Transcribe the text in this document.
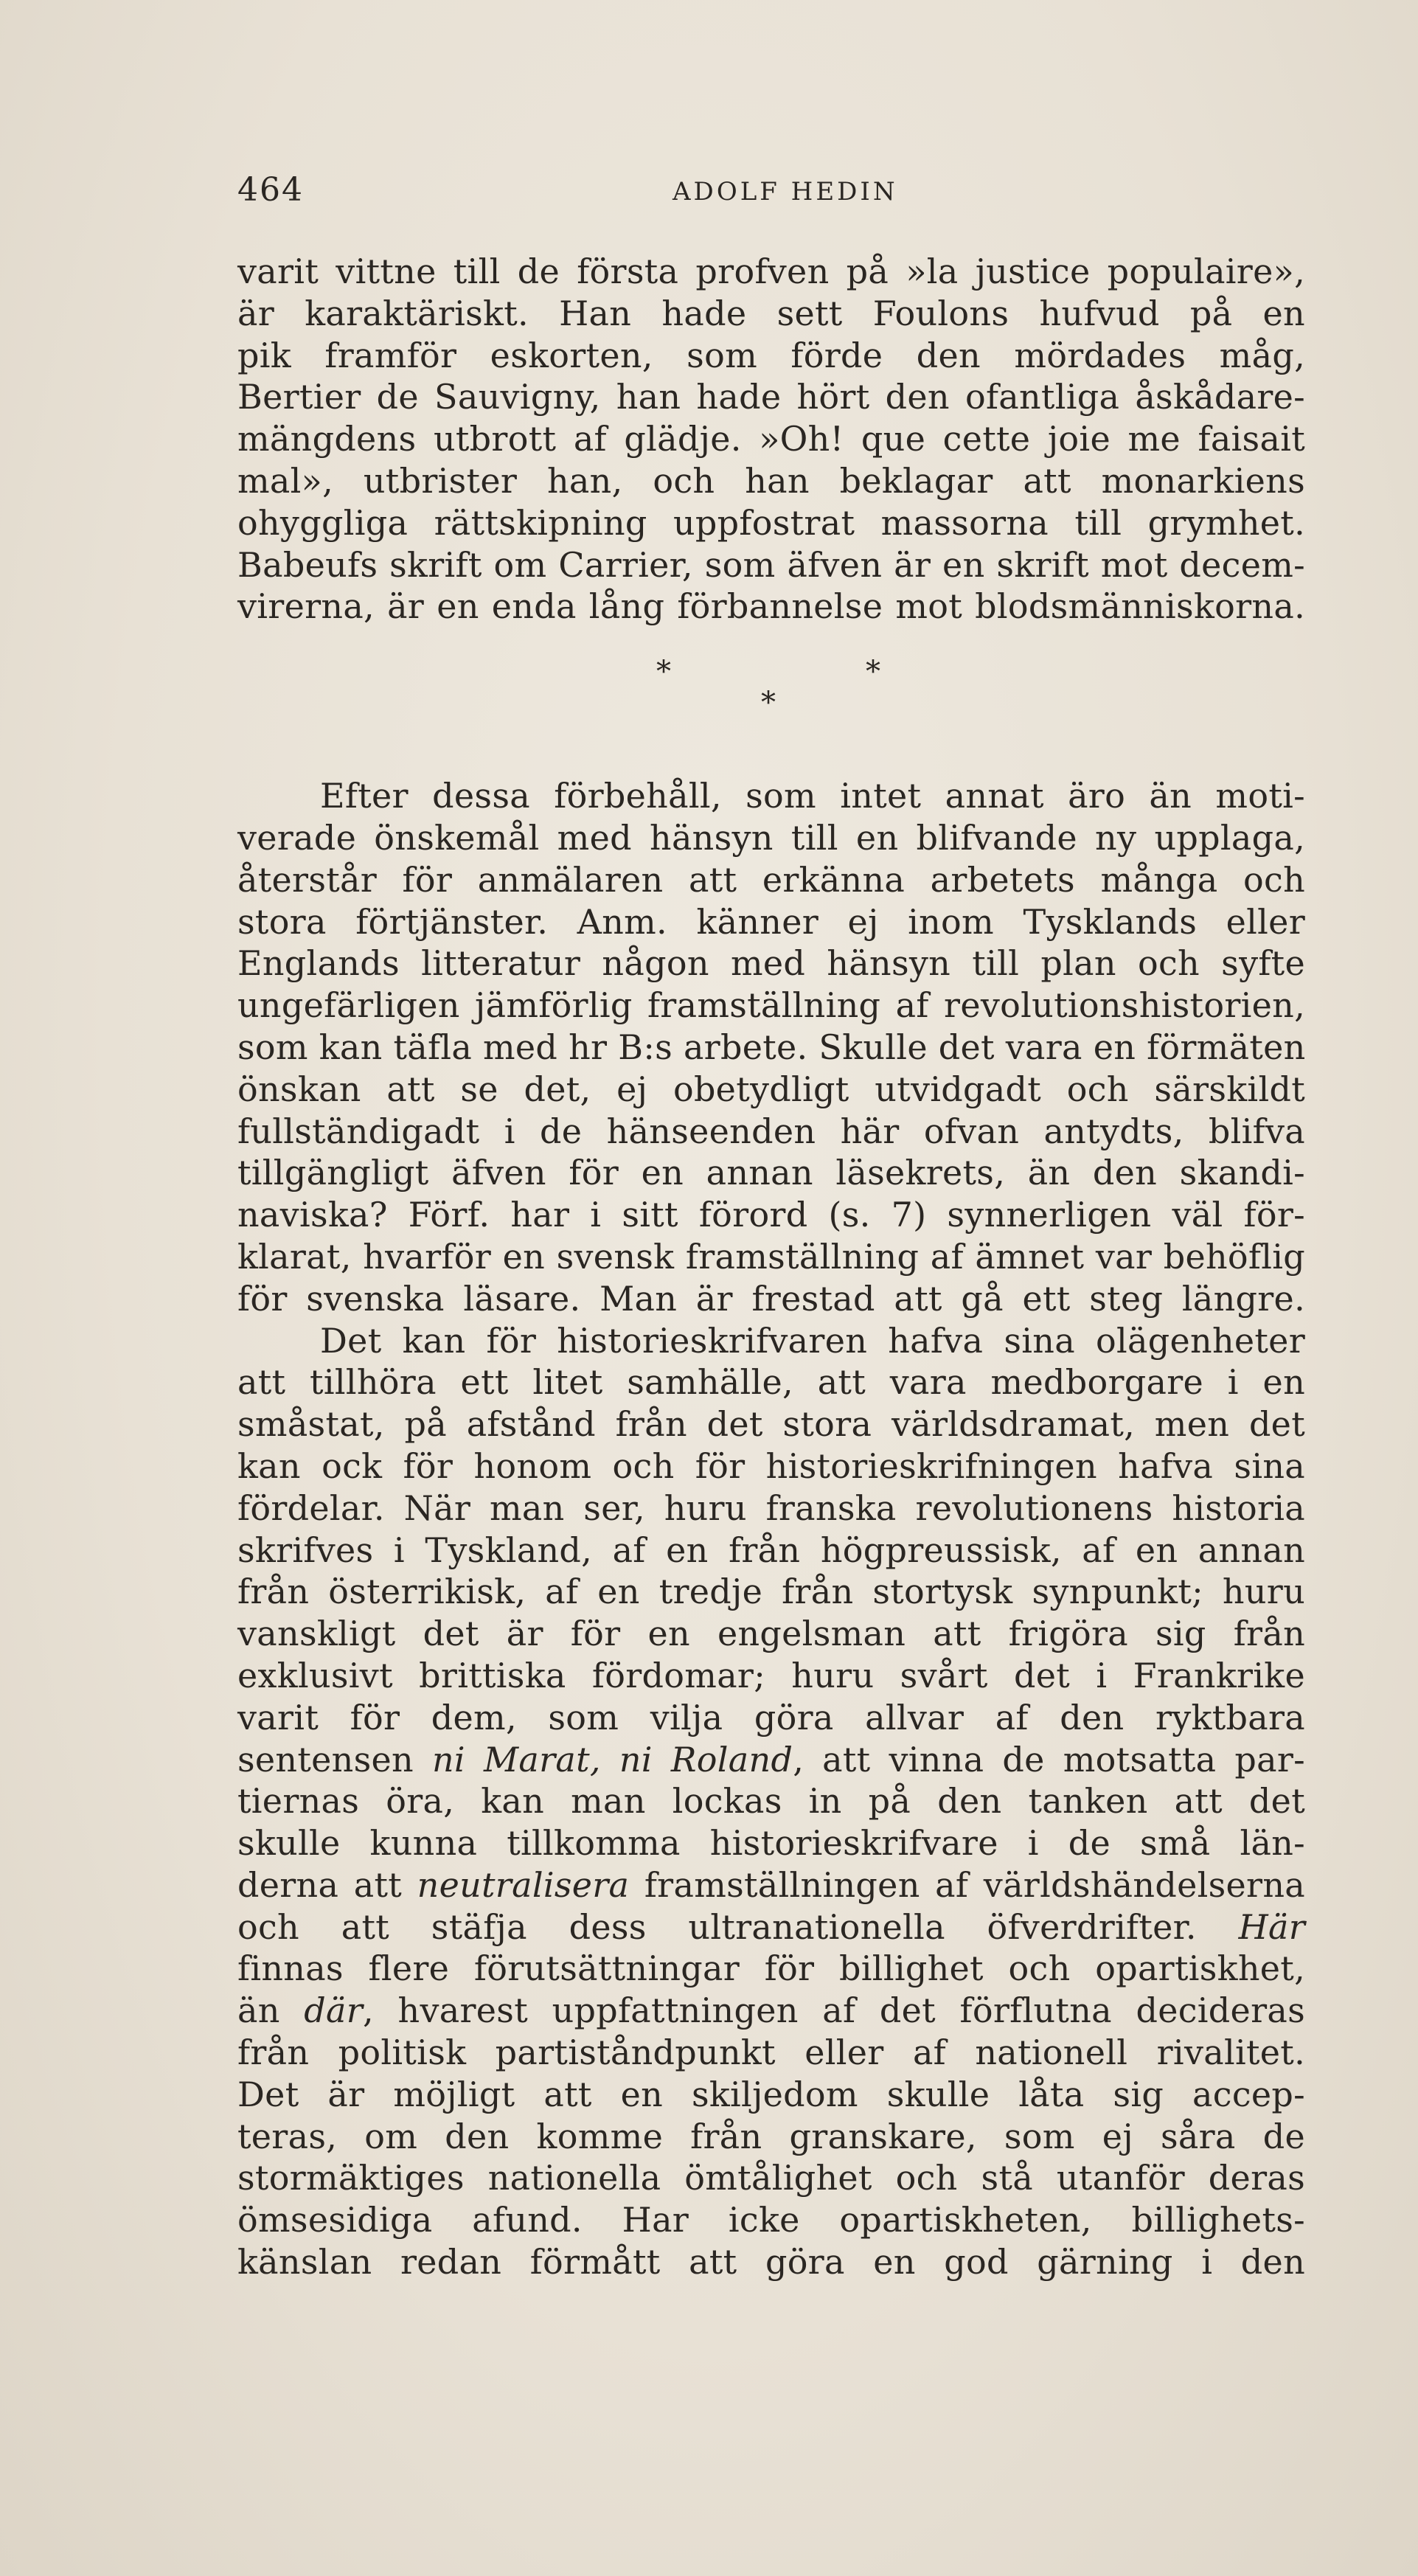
464	ADOLF HEDIN
varit vittne till de första profven på »la justice populaire»,
är karaktäriskt. Han hade sett Foulons hufvud på en
pik framför eskorten, som förde den mördades måg,
Bertier de Sauvigny, han hade hört den ofantliga åskådare-
mängdens utbrott af glädje. »Oh! que cette joie me faisait
mal», utbrister han, och han beklagar att monarkiens
ohyggliga rättskipning uppfostrat massorna till grymhet.
Babeufs skrift om Carrier, som äfven är en skrift mot decem-
virerna, är en enda lång förbannelse mot blodsmänniskorna.
*	*
*
Efter dessa förbehåll, som intet annat äro än moti-
verade önskemål med hänsyn till en blifvande ny upplaga,
återstår för anmälaren att erkänna arbetets många och
stora förtjänster. Anm. känner ej inom Tysklands eller
Englands litteratur någon med hänsyn till plan och syfte
ungefärligen jämförlig framställning af revolutionshistorien,
som kan täfla med hr B:s arbete. Skulle det vara en förmäten
önskan att se det, ej obetydligt utvidgadt och särskildt
fullständigadt i de hänseenden här ofvan antydts, blifva
tillgängligt äfven för en annan läsekrets, än den skandi-
naviska? Förf. har i sitt förord (s. 7) synnerligen väl för-
klarat, hvarför en svensk framställning af ämnet var behöflig
för svenska läsare. Man är frestad att gå ett steg längre.
Det kan för historieskrifvaren hafva sina olägenheter
att tillhöra ett litet samhälle, att vara medborgare i en
småstat, på afstånd från det stora världsdramat, men det
kan ock för honom och för historieskrifningen hafva sina
fördelar. När man ser, huru franska revolutionens historia
skrifves i Tyskland, af en från högpreussisk, af en annan
från österrikisk, af en tredje från stortysk synpunkt; huru
vanskligt det är för en engelsman att frigöra sig från
exklusivt brittiska fördomar; huru svårt det i Frankrike
varit för dem, som vilja göra allvar af den ryktbara
sentensen ni Marat, ni Roland, att vinna de motsatta par-
tiernas öra, kan man lockas in på den tanken att det
skulle kunna tillkomma historieskrifvare i de små län-
derna att neutralisera framställningen af världshändelserna
och att stäfja dess ultranationella öfverdrifter. Här
finnas flere förutsättningar för billighet och opartiskhet,
än där, hvarest uppfattningen af det förflutna decideras
från politisk partiståndpunkt eller af nationell rivalitet.
Det är möjligt att en skiljedom skulle låta sig accep-
teras, om den komme från granskare, som ej såra de
stormäktiges nationella ömtålighet och stå utanför deras
ömsesidiga afund. Har icke opartiskheten, billighets-
känslan redan förmått att göra en god gärning i den
